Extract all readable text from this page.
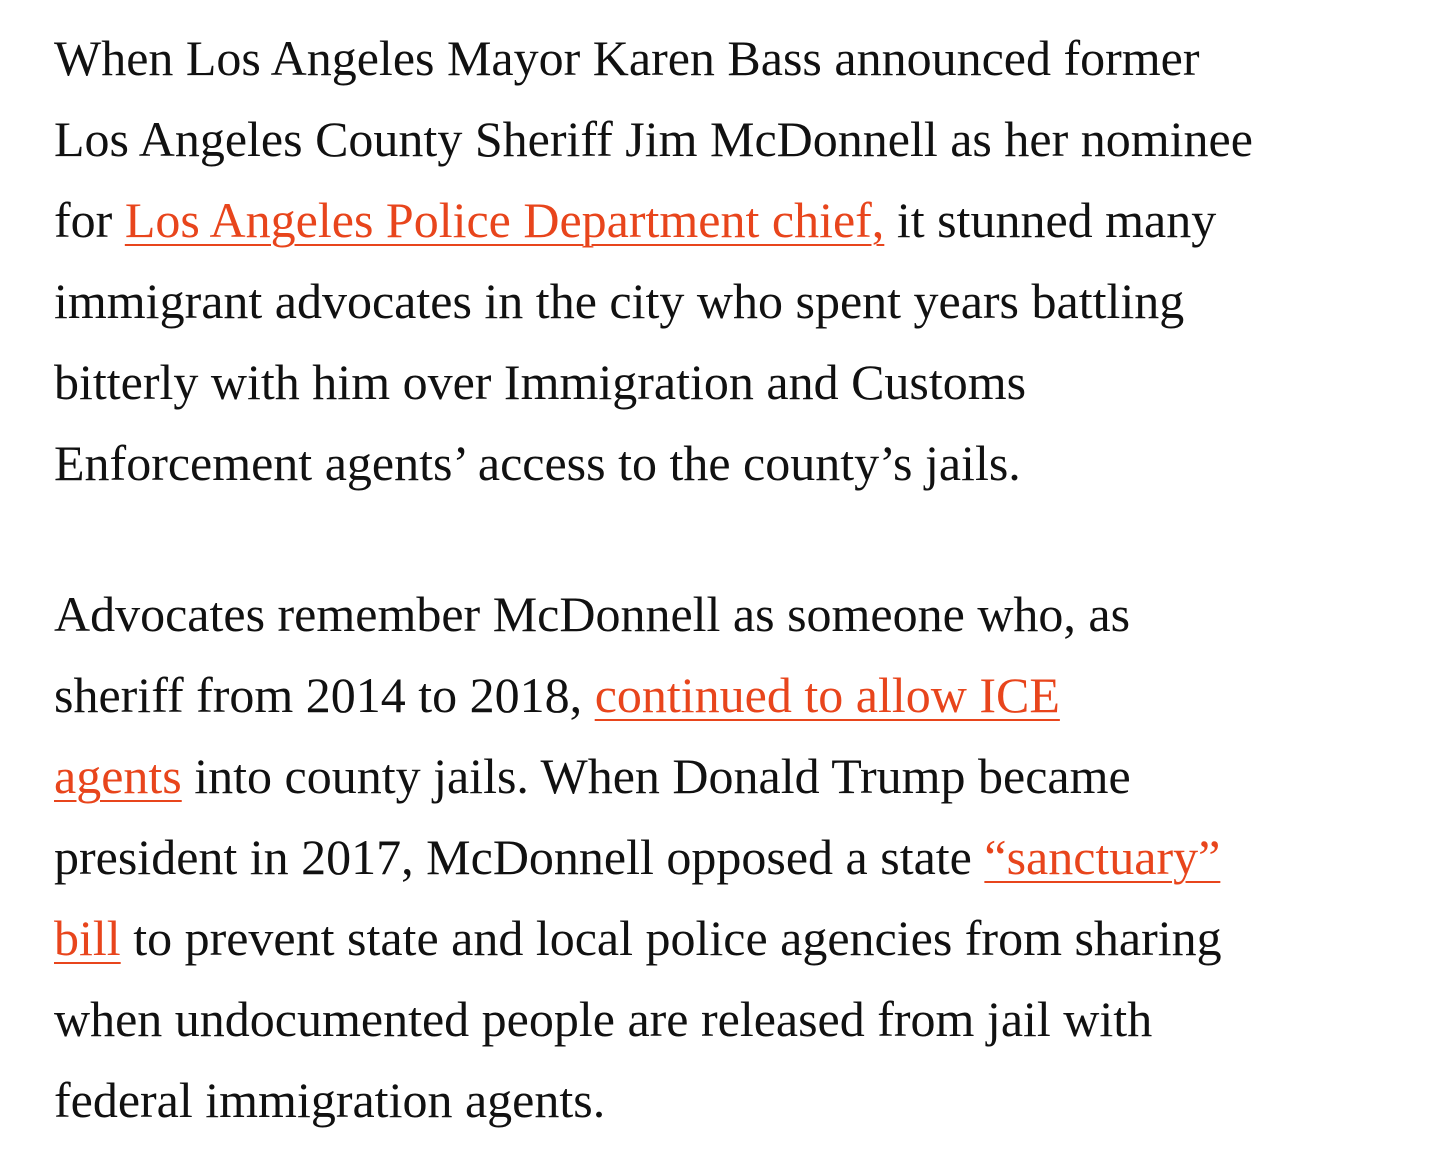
When Los Angeles Mayor Karen Bass announced former
Los Angeles County Sheriff Jim McDonnell as her nominee
for Los Angeles Police Department chief, it stunned many
immigrant advocates in the city who spent years battling
bitterly with him over Immigration and Customs
Enforcement agents’ access to the county’s jails.

Advocates remember McDonnell as someone who, as
sheriff from 2014 to 2018, continued to allow ICE
agents into county jails. When Donald Trump became
president in 2017, McDonnell opposed a state “sanctuary”
bill to prevent state and local police agencies from sharing
when undocumented people are released from jail with
federal immigration agents.
